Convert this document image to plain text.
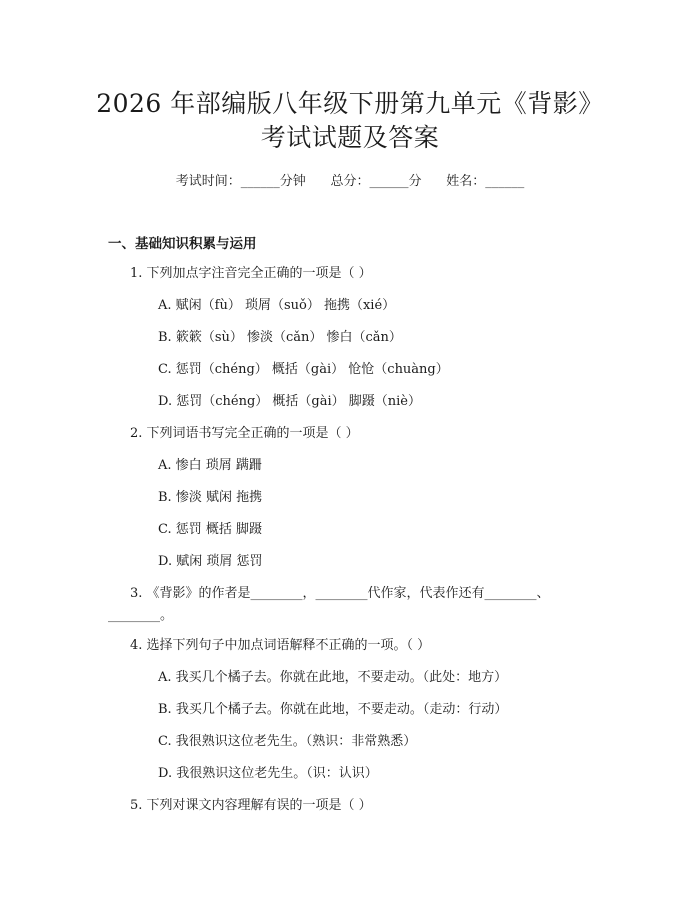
2026 年部编版八年级下册第九单元《背影》
考试试题及答案
考试时间：______分钟      总分：______分      姓名：______
一、基础知识积累与运用
1. 下列加点字注音完全正确的一项是（ ）
A. 赋闲（fù） 琐屑（suǒ） 拖携（xié）
B. 簌簌（sù） 惨淡（cǎn） 惨白（cǎn）
C. 惩罚（chéng） 概括（gài） 怆怆（chuàng）
D. 惩罚（chéng） 概括（gài） 脚蹑（niè）
2. 下列词语书写完全正确的一项是（ ）
A. 惨白 琐屑 蹒跚
B. 惨淡 赋闲 拖携
C. 惩罚 概括 脚蹑
D. 赋闲 琐屑 惩罚
3. 《背影》的作者是________，________代作家，代表作还有________、
________。
4. 选择下列句子中加点词语解释不正确的一项。（ ）
A. 我买几个橘子去。你就在此地，不要走动。（此处：地方）
B. 我买几个橘子去。你就在此地，不要走动。（走动：行动）
C. 我很熟识这位老先生。（熟识：非常熟悉）
D. 我很熟识这位老先生。（识：认识）
5. 下列对课文内容理解有误的一项是（ ）
